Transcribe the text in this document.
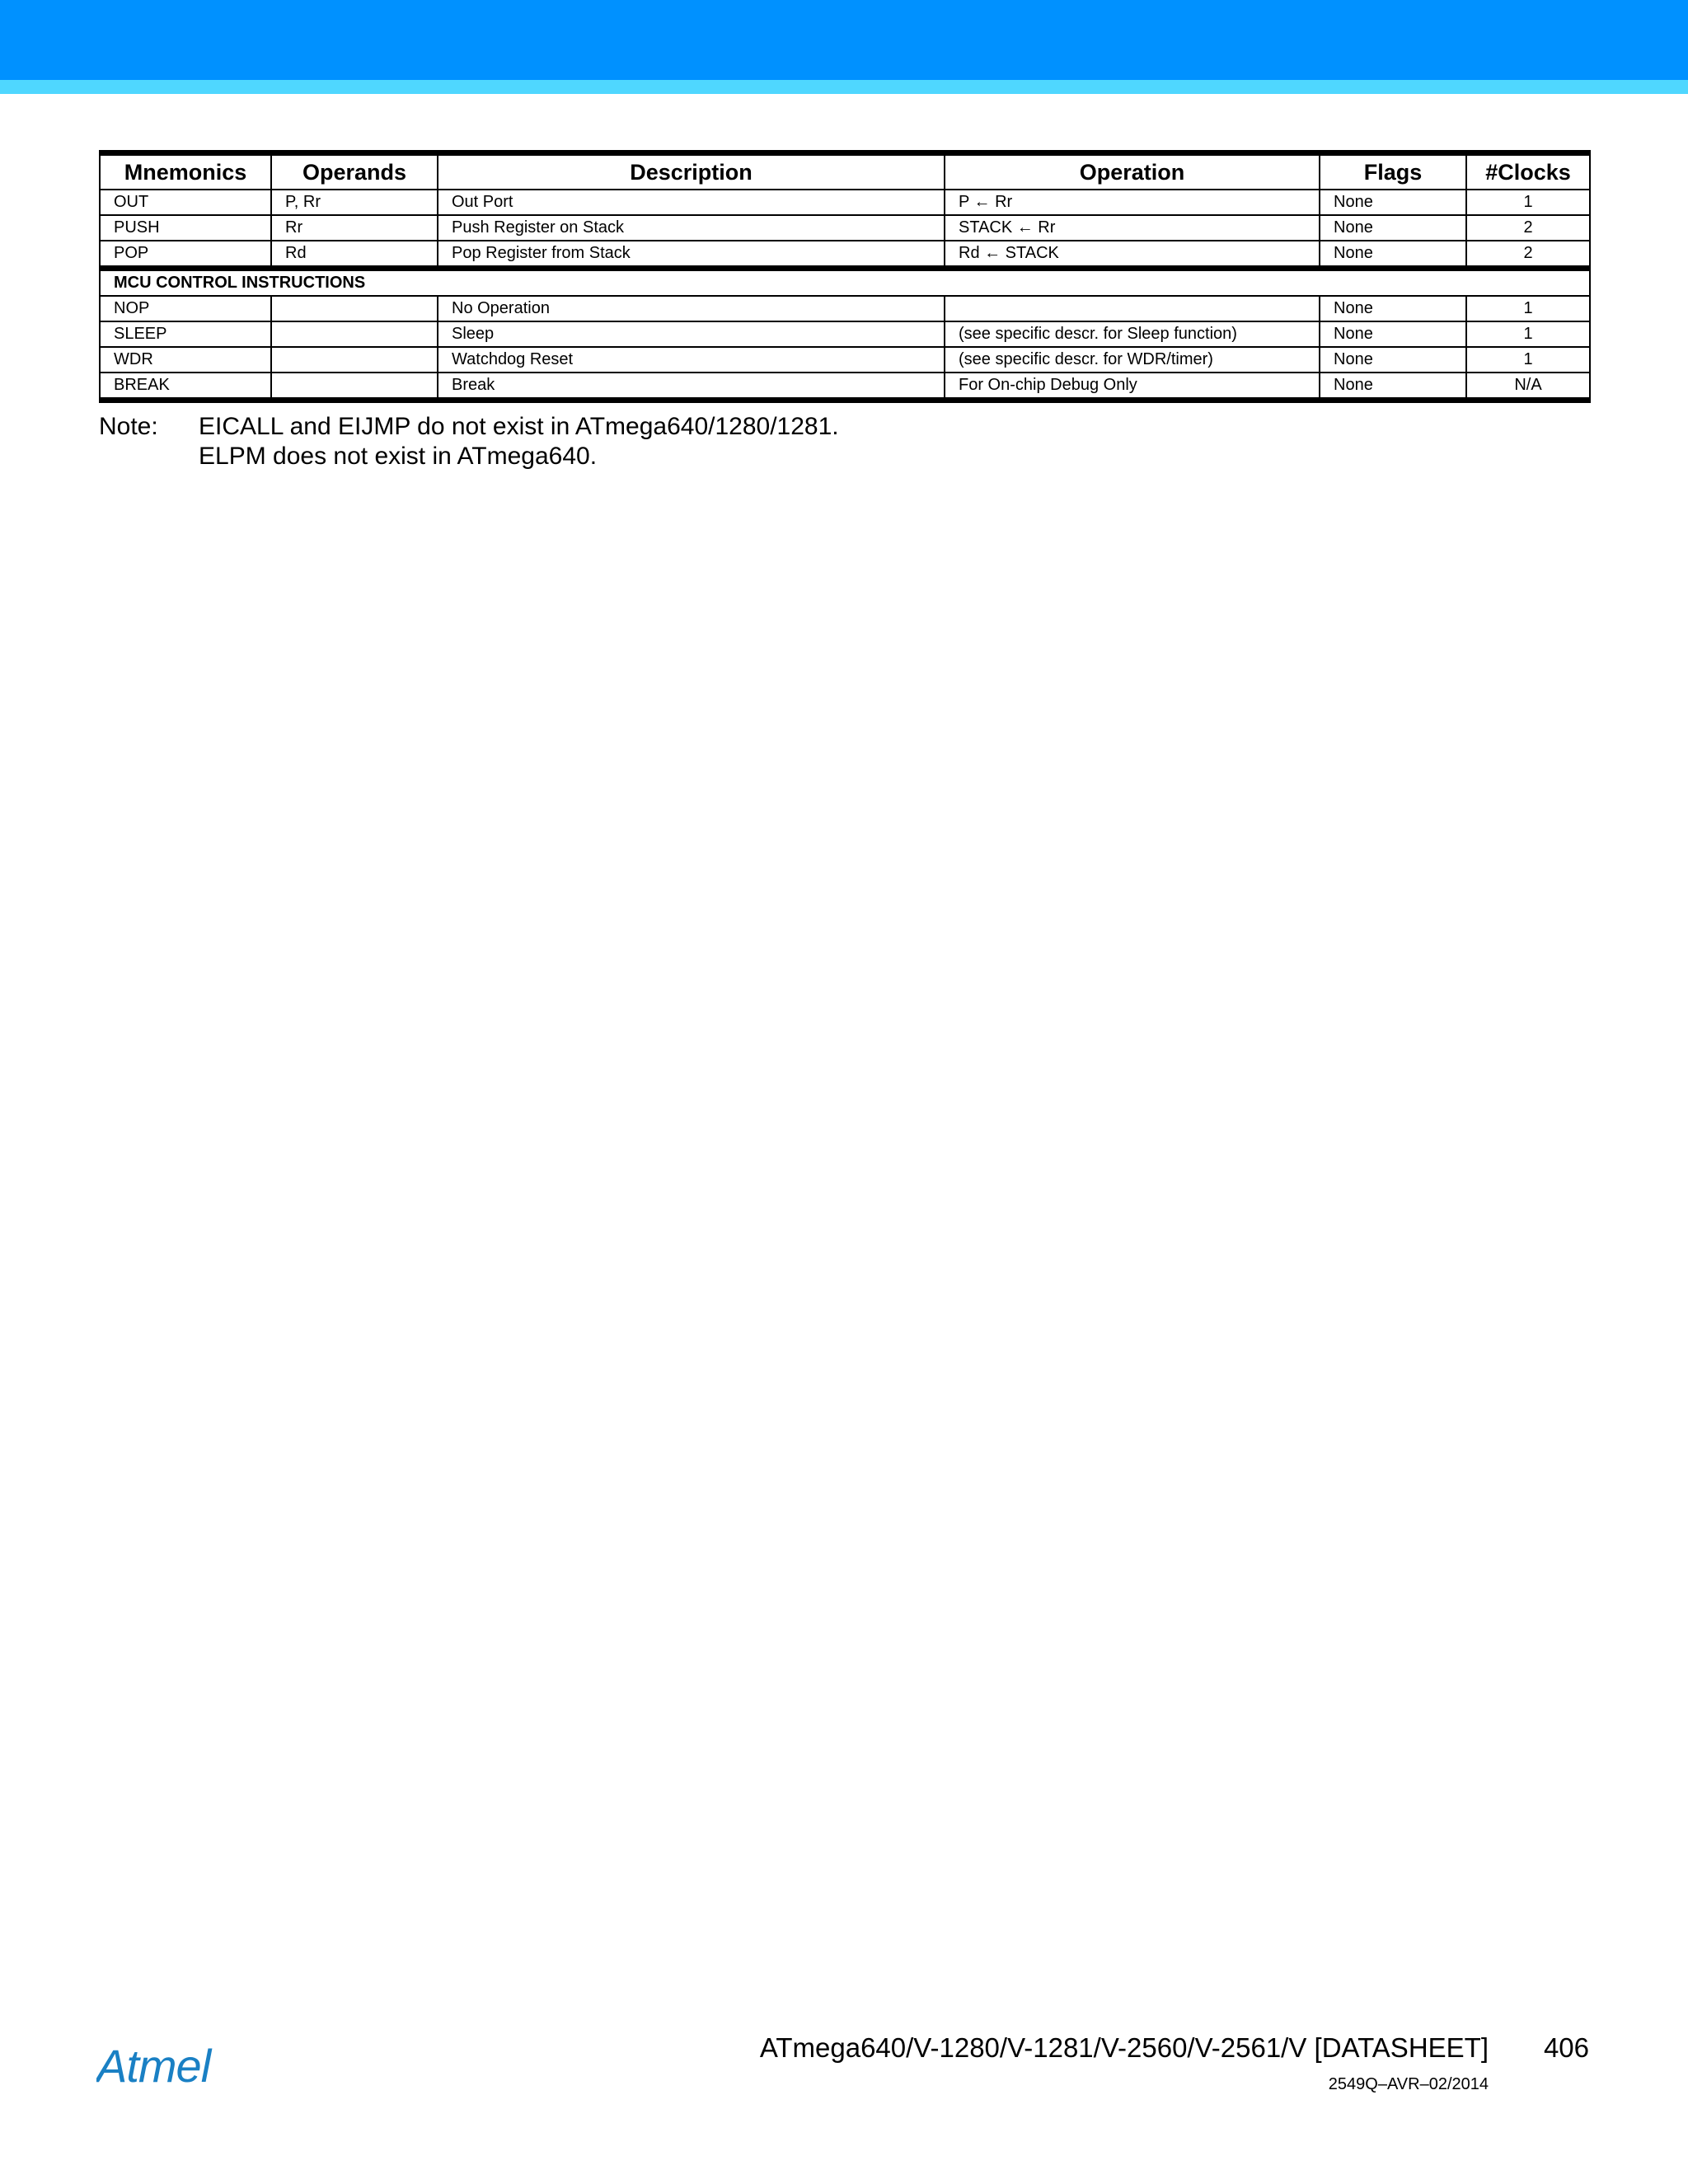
Mnemonics	Operands	Description	Operation	Flags	#Clocks
OUT	P, Rr	Out Port	P ← Rr	None	1
PUSH	Rr	Push Register on Stack	STACK ← Rr	None	2
POP	Rd	Pop Register from Stack	Rd ← STACK	None	2
MCU CONTROL INSTRUCTIONS					
NOP		No Operation		None	1
SLEEP		Sleep	(see specific descr. for Sleep function)	None	1
WDR		Watchdog Reset	(see specific descr. for WDR/timer)	None	1
BREAK		Break	For On-chip Debug Only	None	N/A
Note: EICALL and EIJMP do not exist in ATmega640/1280/1281.
ELPM does not exist in ATmega640.
Atmel	ATmega640/V-1280/V-1281/V-2560/V-2561/V [DATASHEET] 406
2549Q–AVR–02/2014
